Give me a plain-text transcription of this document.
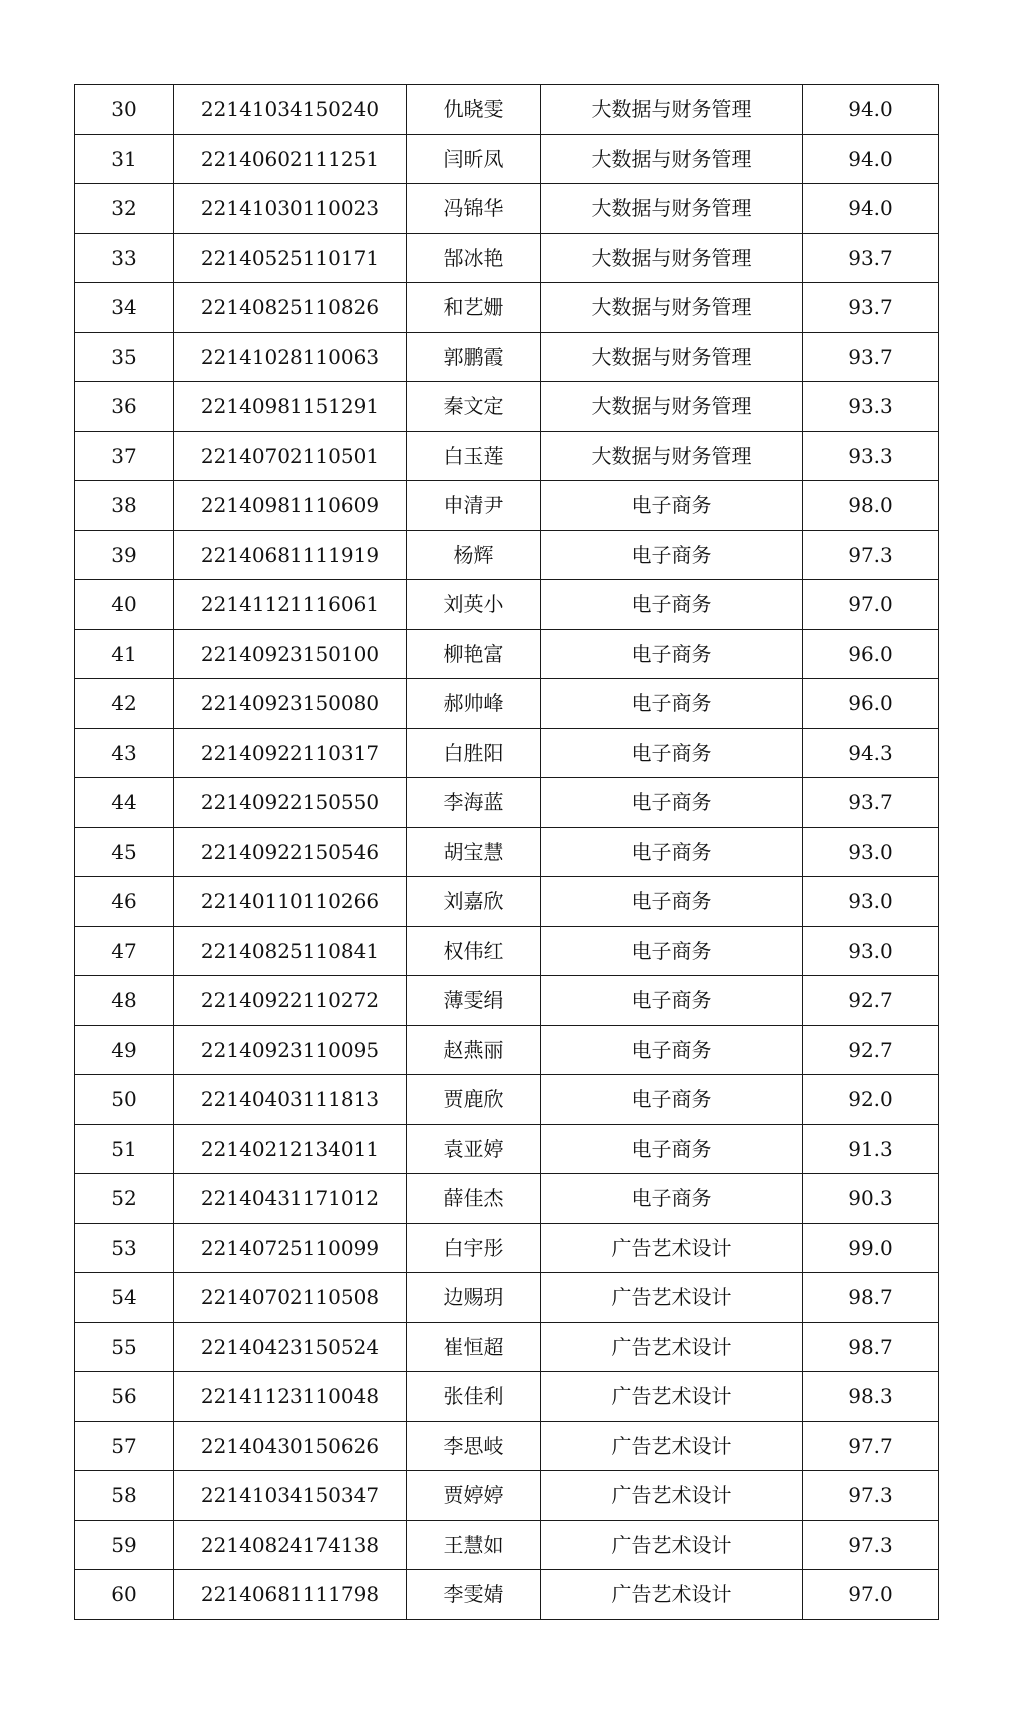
30	22141034150240	仇晓雯	大数据与财务管理	94.0
31	22140602111251	闫昕凤	大数据与财务管理	94.0
32	22141030110023	冯锦华	大数据与财务管理	94.0
33	22140525110171	郜冰艳	大数据与财务管理	93.7
34	22140825110826	和艺姗	大数据与财务管理	93.7
35	22141028110063	郭鹏霞	大数据与财务管理	93.7
36	22140981151291	秦文定	大数据与财务管理	93.3
37	22140702110501	白玉莲	大数据与财务管理	93.3
38	22140981110609	申清尹	电子商务	98.0
39	22140681111919	杨辉	电子商务	97.3
40	22141121116061	刘英小	电子商务	97.0
41	22140923150100	柳艳富	电子商务	96.0
42	22140923150080	郝帅峰	电子商务	96.0
43	22140922110317	白胜阳	电子商务	94.3
44	22140922150550	李海蓝	电子商务	93.7
45	22140922150546	胡宝慧	电子商务	93.0
46	22140110110266	刘嘉欣	电子商务	93.0
47	22140825110841	权伟红	电子商务	93.0
48	22140922110272	薄雯绢	电子商务	92.7
49	22140923110095	赵燕丽	电子商务	92.7
50	22140403111813	贾鹿欣	电子商务	92.0
51	22140212134011	袁亚婷	电子商务	91.3
52	22140431171012	薛佳杰	电子商务	90.3
53	22140725110099	白宇彤	广告艺术设计	99.0
54	22140702110508	边赐玥	广告艺术设计	98.7
55	22140423150524	崔恒超	广告艺术设计	98.7
56	22141123110048	张佳利	广告艺术设计	98.3
57	22140430150626	李思岐	广告艺术设计	97.7
58	22141034150347	贾婷婷	广告艺术设计	97.3
59	22140824174138	王慧如	广告艺术设计	97.3
60	22140681111798	李雯婧	广告艺术设计	97.0
